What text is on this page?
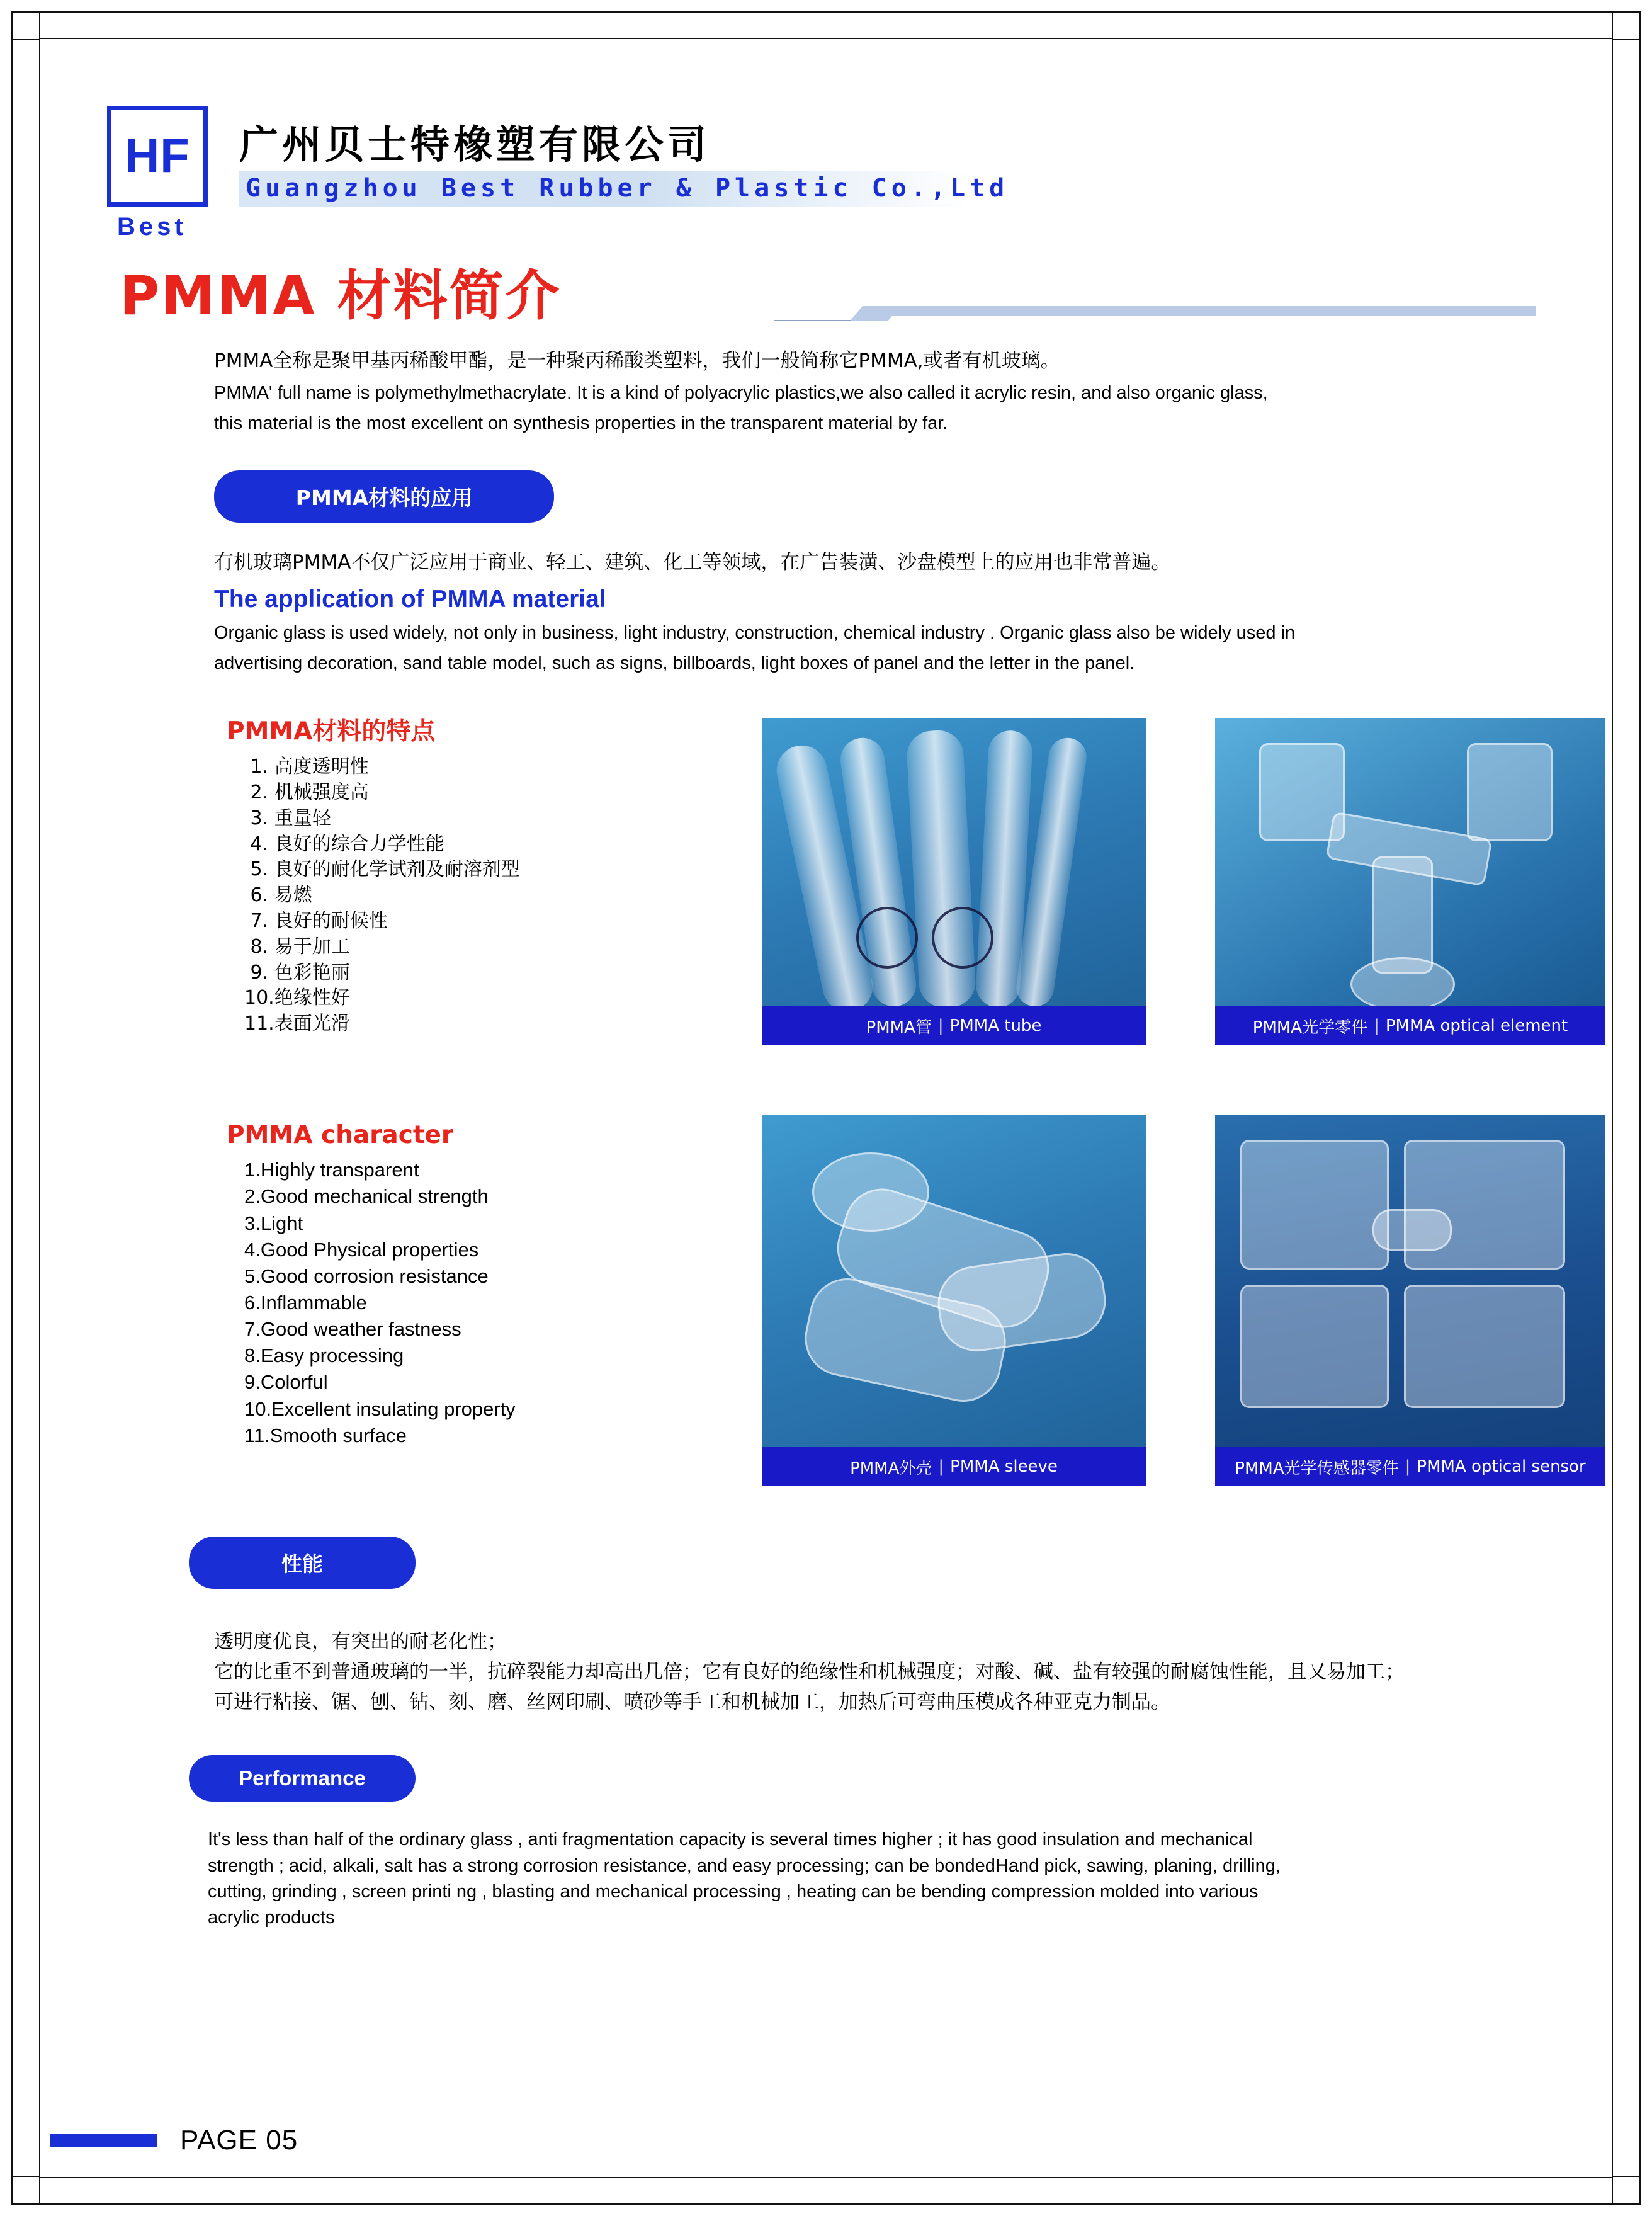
HF
Best
广州贝士特橡塑有限公司
Guangzhou Best Rubber & Plastic Co.,Ltd
PMMA 材料简介

PMMA全称是聚甲基丙稀酸甲酯，是一种聚丙稀酸类塑料，我们一般简称它PMMA,或者有机玻璃。

PMMA' full name is polymethylmethacrylate. It is a kind of polyacrylic plastics,we also called it acrylic resin, and also organic glass,

this material is the most excellent on synthesis properties in the transparent material by far.

PMMA材料的应用

有机玻璃PMMA不仅广泛应用于商业、轻工、建筑、化工等领域，在广告装潢、沙盘模型上的应用也非常普遍。

The application of PMMA material

Organic glass is used widely, not only in business, light industry, construction, chemical industry . Organic glass also be widely used in

advertising decoration, sand table model, such as signs, billboards, light boxes of panel and the letter in the panel.

PMMA材料的特点
1. 高度透明性
2. 机械强度高
3. 重量轻
4. 良好的综合力学性能
5. 良好的耐化学试剂及耐溶剂型
6. 易燃
7. 良好的耐候性
8. 易于加工
9. 色彩艳丽
10.绝缘性好
11.表面光滑
PMMA character
1.Highly transparent
2.Good mechanical strength
3.Light
4.Good Physical properties
5.Good corrosion resistance
6.Inflammable
7.Good weather fastness
8.Easy processing
9.Colorful
10.Excellent insulating property
11.Smooth surface
PMMA管 | PMMA tube	PMMA光学零件 | PMMA optical element
PMMA外壳 | PMMA sleeve	PMMA光学传感器零件 | PMMA optical sensor
性能

透明度优良，有突出的耐老化性；

它的比重不到普通玻璃的一半，抗碎裂能力却高出几倍；它有良好的绝缘性和机械强度；对酸、碱、盐有较强的耐腐蚀性能，且又易加工；

可进行粘接、锯、刨、钻、刻、磨、丝网印刷、喷砂等手工和机械加工，加热后可弯曲压模成各种亚克力制品。

Performance

It's less than half of the ordinary glass , anti fragmentation capacity is several times higher ; it has good insulation and mechanical

strength ; acid, alkali, salt has a strong corrosion resistance, and easy processing; can be bondedHand pick, sawing, planing, drilling,

cutting, grinding , screen printi ng , blasting and mechanical processing , heating can be bending compression molded into various

acrylic products

PAGE 05
